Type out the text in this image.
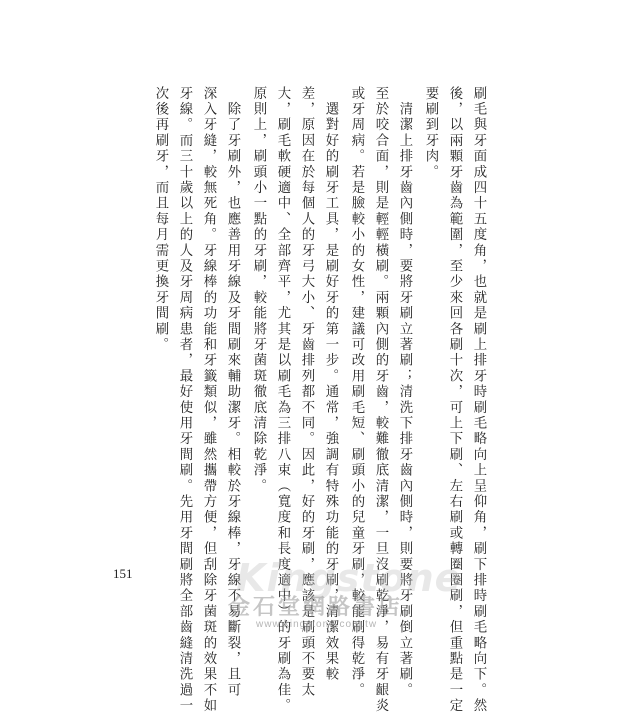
刷毛與牙面成四十五度角，也就是刷上排牙時刷毛略向上呈仰角，刷下排時刷毛略向下。然
後，以兩顆牙齒為範圍，至少來回各刷十次，可上下刷、左右刷或轉圈圈刷，但重點是一定
要刷到牙肉。
　清潔上排牙齒內側時，要將牙刷立著刷；清洗下排牙齒內側時，則要將牙刷倒立著刷。
至於咬合面，則是輕輕橫刷。兩顆內側的牙齒，較難徹底清潔，一旦沒刷乾淨，易有牙齦炎
或牙周病。若是臉較小的女性，建議可改用刷毛短、刷頭小的兒童牙刷，較能刷得乾淨。
　選對好的刷牙工具，是刷好牙的第一步。通常，強調有特殊功能的牙刷，清潔效果較
差，原因在於每個人的牙弓大小、牙齒排列都不同。因此，好的牙刷，應該是刷頭不要太
大，刷毛軟硬適中、全部齊平，尤其是以刷毛為三排八束（寬度和長度適中）的牙刷為佳。
原則上，刷頭小一點的牙刷，較能將牙菌斑徹底清除乾淨。
　除了牙刷外，也應善用牙線及牙間刷來輔助潔牙。相較於牙線棒，牙線不易斷裂，且可
深入牙縫，較無死角。牙線棒的功能和牙籤類似，雖然攜帶方便，但刮除牙菌斑的效果不如
牙線。而三十歲以上的人及牙周病患者，最好使用牙間刷。先用牙間刷將全部齒縫清洗過一
次後再刷牙，而且每月需更換牙間刷。
151	Kingstone
金石堂網路書店
www.kingstone.com.tw
